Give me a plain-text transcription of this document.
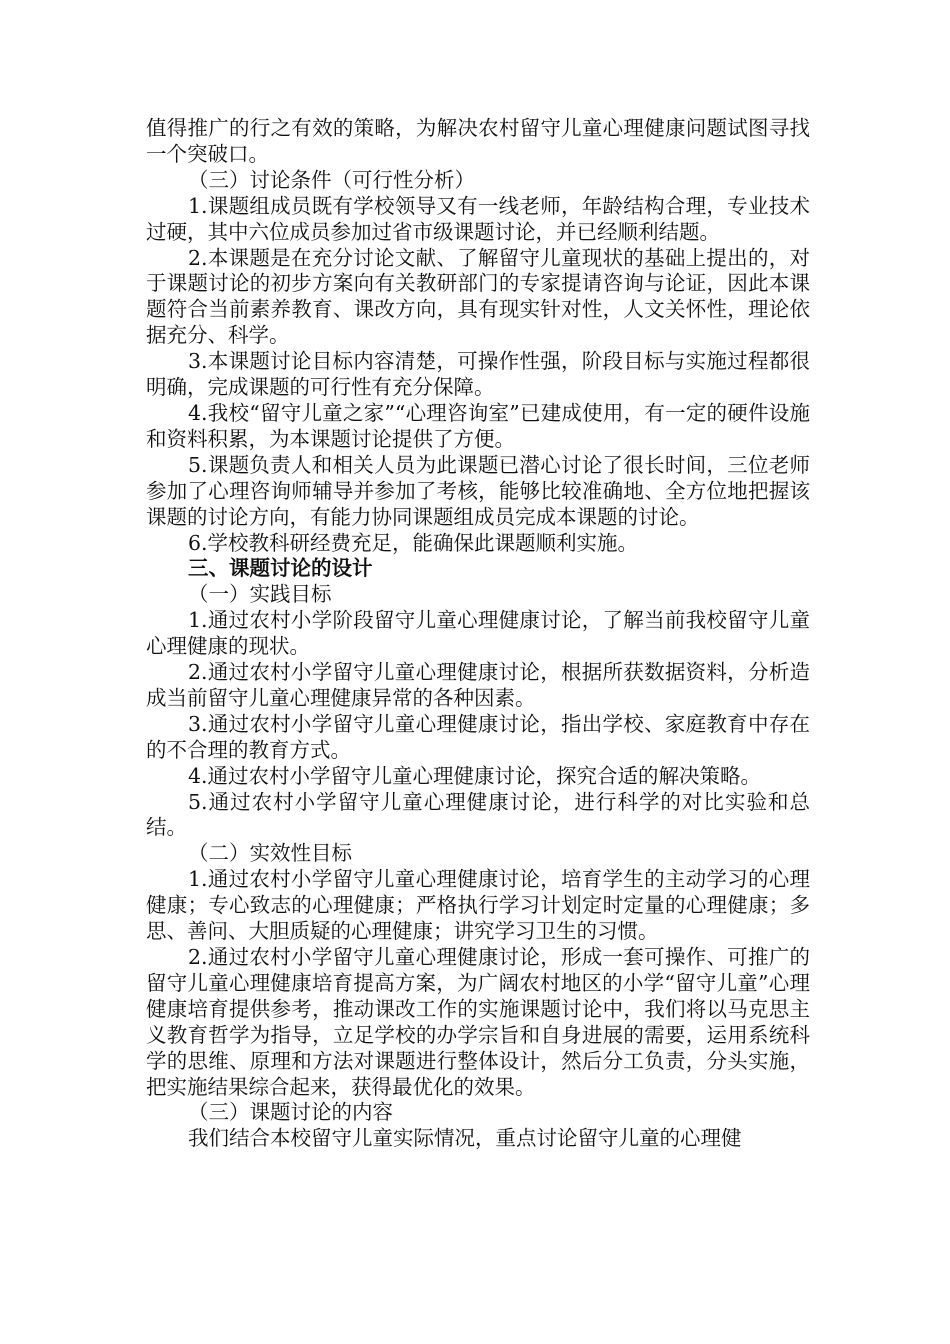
值得推广的行之有效的策略，为解决农村留守儿童心理健康问题试图寻找一个突破口。

（三）讨论条件（可行性分析）

1.课题组成员既有学校领导又有一线老师，年龄结构合理，专业技术过硬，其中六位成员参加过省市级课题讨论，并已经顺利结题。

2.本课题是在充分讨论文献、了解留守儿童现状的基础上提出的，对于课题讨论的初步方案向有关教研部门的专家提请咨询与论证，因此本课题符合当前素养教育、课改方向，具有现实针对性，人文关怀性，理论依据充分、科学。

3.本课题讨论目标内容清楚，可操作性强，阶段目标与实施过程都很明确，完成课题的可行性有充分保障。

4.我校“留守儿童之家”“心理咨询室”已建成使用，有一定的硬件设施和资料积累，为本课题讨论提供了方便。

5.课题负责人和相关人员为此课题已潜心讨论了很长时间，三位老师参加了心理咨询师辅导并参加了考核，能够比较准确地、全方位地把握该课题的讨论方向，有能力协同课题组成员完成本课题的讨论。

6.学校教科研经费充足，能确保此课题顺利实施。

三、课题讨论的设计

（一）实践目标

1.通过农村小学阶段留守儿童心理健康讨论，了解当前我校留守儿童心理健康的现状。

2.通过农村小学留守儿童心理健康讨论，根据所获数据资料，分析造成当前留守儿童心理健康异常的各种因素。

3.通过农村小学留守儿童心理健康讨论，指出学校、家庭教育中存在的不合理的教育方式。

4.通过农村小学留守儿童心理健康讨论，探究合适的解决策略。

5.通过农村小学留守儿童心理健康讨论，进行科学的对比实验和总结。

（二）实效性目标

1.通过农村小学留守儿童心理健康讨论，培育学生的主动学习的心理健康；专心致志的心理健康；严格执行学习计划定时定量的心理健康；多思、善问、大胆质疑的心理健康；讲究学习卫生的习惯。

2.通过农村小学留守儿童心理健康讨论，形成一套可操作、可推广的留守儿童心理健康培育提高方案，为广阔农村地区的小学“留守儿童”心理健康培育提供参考，推动课改工作的实施课题讨论中，我们将以马克思主义教育哲学为指导，立足学校的办学宗旨和自身进展的需要，运用系统科学的思维、原理和方法对课题进行整体设计，然后分工负责，分头实施，把实施结果综合起来，获得最优化的效果。

（三）课题讨论的内容

我们结合本校留守儿童实际情况，重点讨论留守儿童的心理健
